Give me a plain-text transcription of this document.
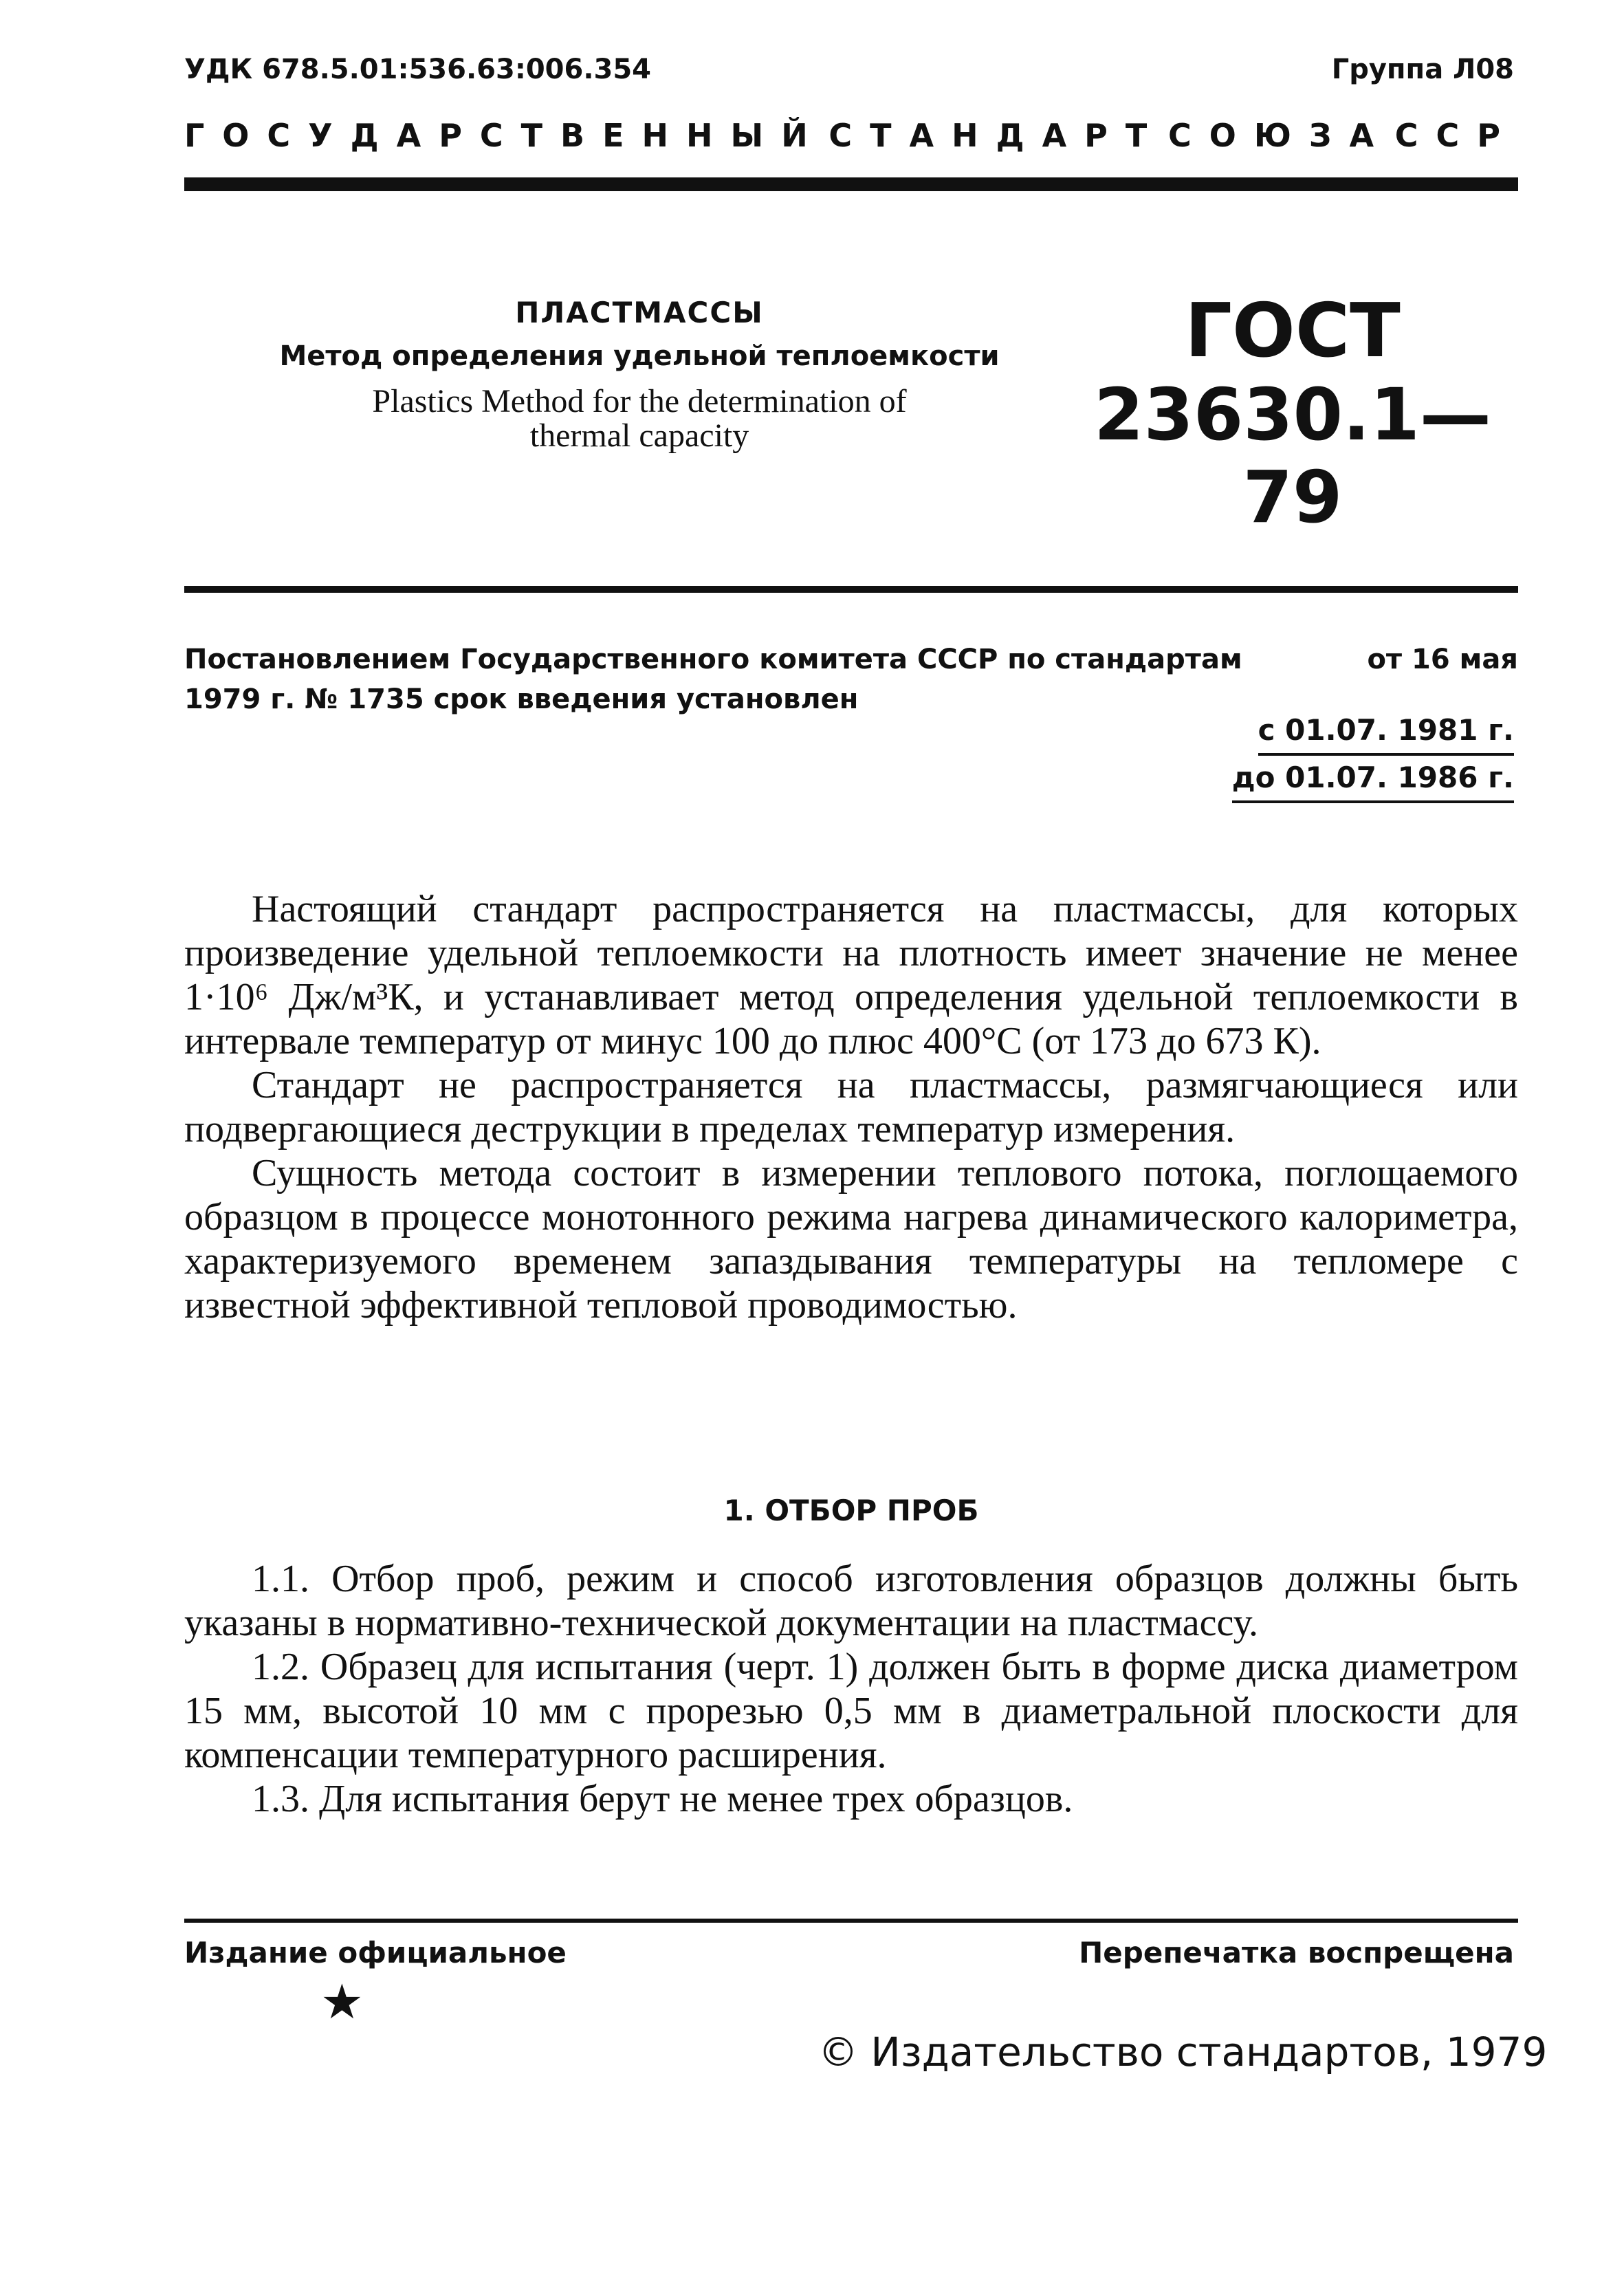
УДК 678.5.01:536.63:006.354	Группа Л08
ГОСУДАРСТВЕННЫЙ СТАНДАРТ СОЮЗА ССР
ПЛАСТМАССЫ
Метод определения удельной теплоемкости
Plastics Method for the determination of
thermal capacity
ГОСТ
23630.1—79
Постановлением Государственного комитета СССР по стандартам	от 16 мая
1979 г. № 1735 срок введения установлен
с 01.07. 1981 г.
до 01.07. 1986 г.

Настоящий стандарт распространяется на пластмассы, для которых произведение удельной теплоемкости на плотность имеет значение не менее 1·10⁶ Дж/м³К, и устанавливает метод определения удельной теплоемкости в интервале температур от минус 100 до плюс 400°С (от 173 до 673 К).

Стандарт не распространяется на пластмассы, размягчающиеся или подвергающиеся деструкции в пределах температур измерения.

Сущность метода состоит в измерении теплового потока, поглощаемого образцом в процессе монотонного режима нагрева динамического калориметра, характеризуемого временем запаздывания температуры на тепломере с известной эффективной тепловой проводимостью.

1. ОТБОР ПРОБ

1.1. Отбор проб, режим и способ изготовления образцов должны быть указаны в нормативно-технической документации на пластмассу.

1.2. Образец для испытания (черт. 1) должен быть в форме диска диаметром 15 мм, высотой 10 мм с прорезью 0,5 мм в диаметральной плоскости для компенсации температурного расширения.

1.3. Для испытания берут не менее трех образцов.

Издание официальное	Перепечатка воспрещена
★
© Издательство стандартов, 1979
